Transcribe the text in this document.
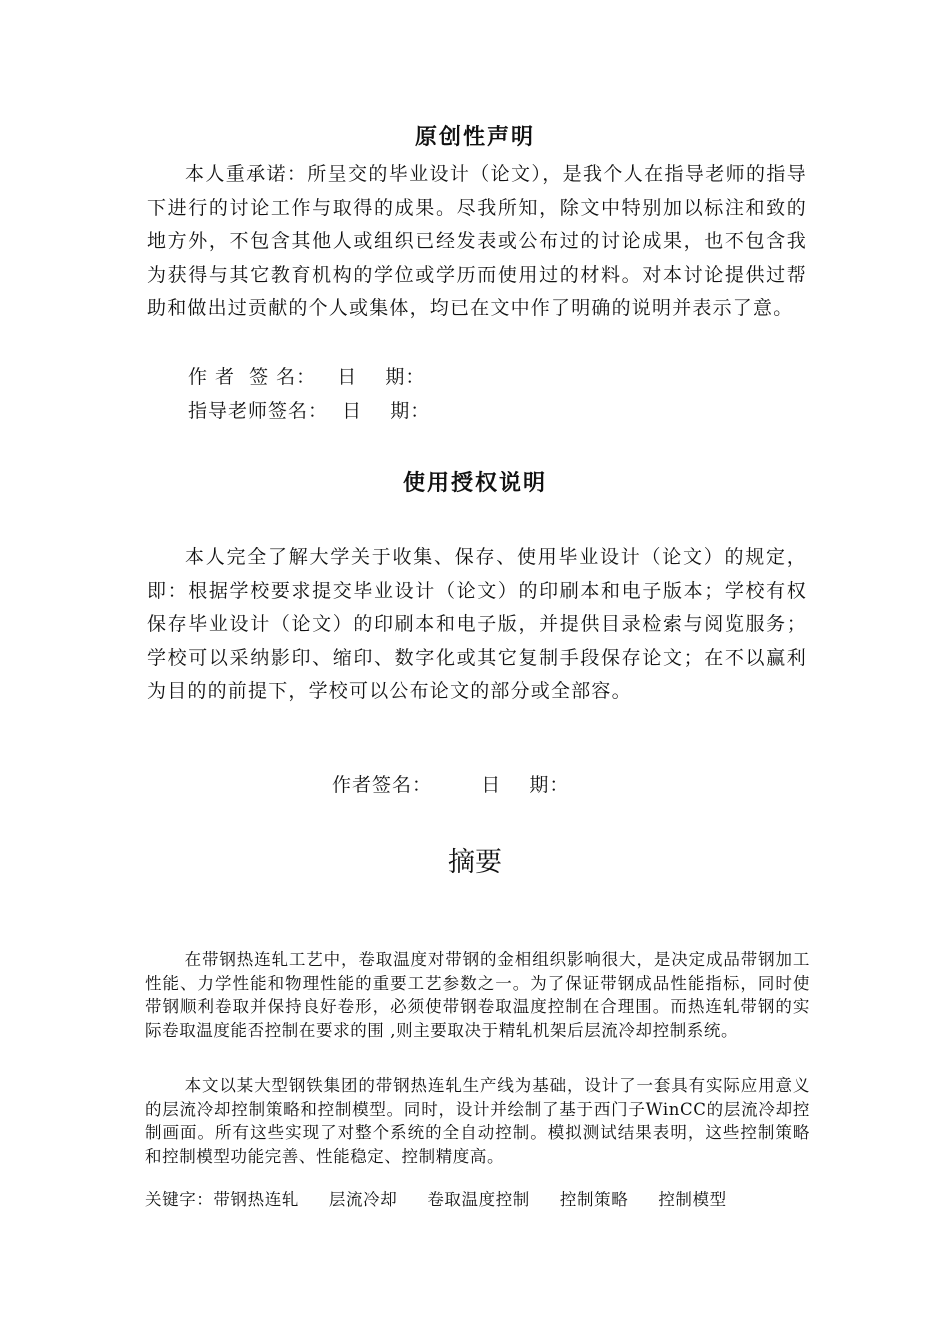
原创性声明

本人重承诺：所呈交的毕业设计（论文），是我个人在指导老师的指导下进行的讨论工作与取得的成果。尽我所知，除文中特别加以标注和致的地方外，不包含其他人或组织已经发表或公布过的讨论成果，也不包含我为获得与其它教育机构的学位或学历而使用过的材料。对本讨论提供过帮助和做出过贡献的个人或集体，均已在文中作了明确的说明并表示了意。

作 者  签 名：   日    期：
指导老师签名：  日    期：
使用授权说明

本人完全了解大学关于收集、保存、使用毕业设计（论文）的规定，即：根据学校要求提交毕业设计（论文）的印刷本和电子版本；学校有权保存毕业设计（论文）的印刷本和电子版，并提供目录检索与阅览服务；学校可以采纳影印、缩印、数字化或其它复制手段保存论文；在不以赢利为目的的前提下，学校可以公布论文的部分或全部容。

作者签名：       日    期：
摘要

在带钢热连轧工艺中，卷取温度对带钢的金相组织影响很大，是决定成品带钢加工性能、力学性能和物理性能的重要工艺参数之一。为了保证带钢成品性能指标，同时使带钢顺利卷取并保持良好卷形，必须使带钢卷取温度控制在合理围。而热连轧带钢的实际卷取温度能否控制在要求的围 ,则主要取决于精轧机架后层流冷却控制系统。

本文以某大型钢铁集团的带钢热连轧生产线为基础，设计了一套具有实际应用意义的层流冷却控制策略和控制模型。同时，设计并绘制了基于西门子WinCC的层流冷却控制画面。所有这些实现了对整个系统的全自动控制。模拟测试结果表明，这些控制策略和控制模型功能完善、性能稳定、控制精度高。

关键字：带钢热连轧 层流冷却 卷取温度控制 控制策略 控制模型
